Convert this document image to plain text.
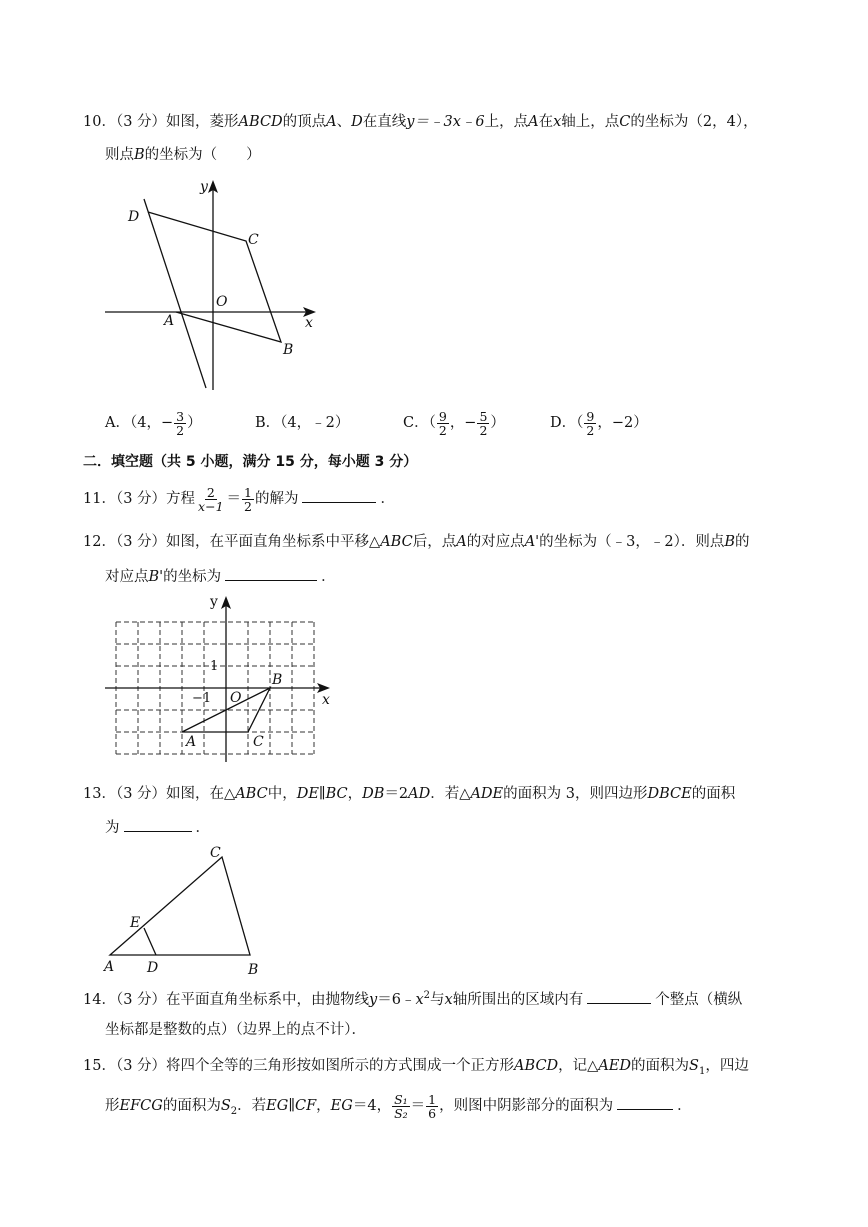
10．（3 分）如图，菱形ABCD的顶点A、D在直线y＝﹣3x﹣6上，点A在x轴上，点C的坐标为（2，4），
则点B的坐标为（　　）
D
C
O
A
B
x
y
A．（4，− $\frac{3}{2}$ ）	B．（4，﹣2）	C．（ $\frac{9}{2}$ ，− $\frac{5}{2}$ ）	D．（ $\frac{9}{2}$ ，−2）
二．填空题（共 5 小题，满分 15 分，每小题 3 分）
11．（3 分）方程 $\frac{2}{x-1} = \frac{1}{2}$ 的解为	．
12．（3 分）如图，在平面直角坐标系中平移△ABC后，点A的对应点A'的坐标为（﹣3，﹣2）．则点B的
对应点B'的坐标为	．
y
x
1
−1 O
A
B
C
13．（3 分）如图，在△ABC中，DE∥BC，DB＝2AD．若△ADE的面积为 3，则四边形DBCE的面积
为	．
A D	B
C
E
14．（3 分）在平面直角坐标系中，由抛物线$y=6﹣x^2$与x轴所围出的区域内有	个整点（横纵
坐标都是整数的点）（边界上的点不计）．
15．（3 分）将四个全等的三角形按如图所示的方式围成一个正方形ABCD，记△AED的面积为$S_1$，四边
形EFCG的面积为$S_2$．若EG∥CF，EG＝4， $\frac{\text{S₁}}{\text{S₂}} = \frac{1}{6}$ ，则图中阴影部分的面积为	．
